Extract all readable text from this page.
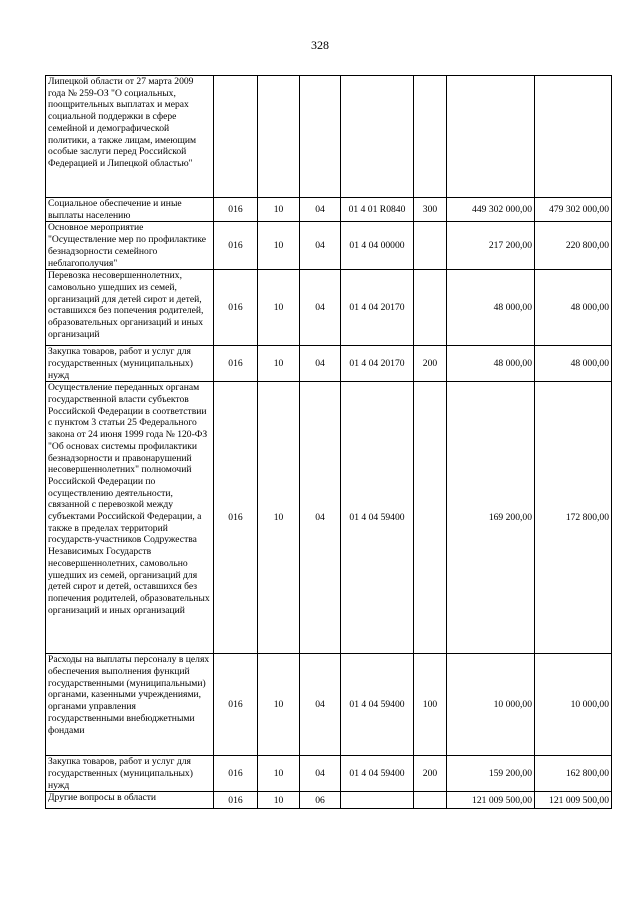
328
Липецкой области от 27 марта 2009 года № 259-ОЗ "О социальных, поощрительных выплатах и мерах социальной поддержки в сфере семейной и демографической политики, а также лицам, имеющим особые заслуги перед Российской Федерацией и Липецкой областью"							
Социальное обеспечение и иные выплаты населению	016	10	04	01 4 01 R0840	300	449 302 000,00	479 302 000,00
Основное мероприятие "Осуществление мер по профилактике безнадзорности семейного неблагополучия"	016	10	04	01 4 04 00000		217 200,00	220 800,00
Перевозка несовершеннолетних, самовольно ушедших из семей, организаций для детей сирот и детей, оставшихся без попечения родителей, образовательных организаций и иных организаций	016	10	04	01 4 04 20170		48 000,00	48 000,00
Закупка товаров, работ и услуг для государственных (муниципальных) нужд	016	10	04	01 4 04 20170	200	48 000,00	48 000,00
Осуществление переданных органам государственной власти субъектов Российской Федерации в соответствии с пунктом 3 статьи 25 Федерального закона от 24 июня 1999 года № 120-ФЗ "Об основах системы профилактики безнадзорности и правонарушений несовершеннолетних" полномочий Российской Федерации по осуществлению деятельности, связанной с перевозкой между субъектами Российской Федерации, а также в пределах территорий государств-участников Содружества Независимых Государств несовершеннолетних, самовольно ушедших из семей, организаций для детей сирот и детей, оставшихся без попечения родителей, образовательных организаций и иных организаций	016	10	04	01 4 04 59400		169 200,00	172 800,00
Расходы на выплаты персоналу в целях обеспечения выполнения функций государственными (муниципальными) органами, казенными учреждениями, органами управления государственными внебюджетными фондами	016	10	04	01 4 04 59400	100	10 000,00	10 000,00
Закупка товаров, работ и услуг для государственных (муниципальных) нужд	016	10	04	01 4 04 59400	200	159 200,00	162 800,00
Другие вопросы в области	016	10	06			121 009 500,00	121 009 500,00
